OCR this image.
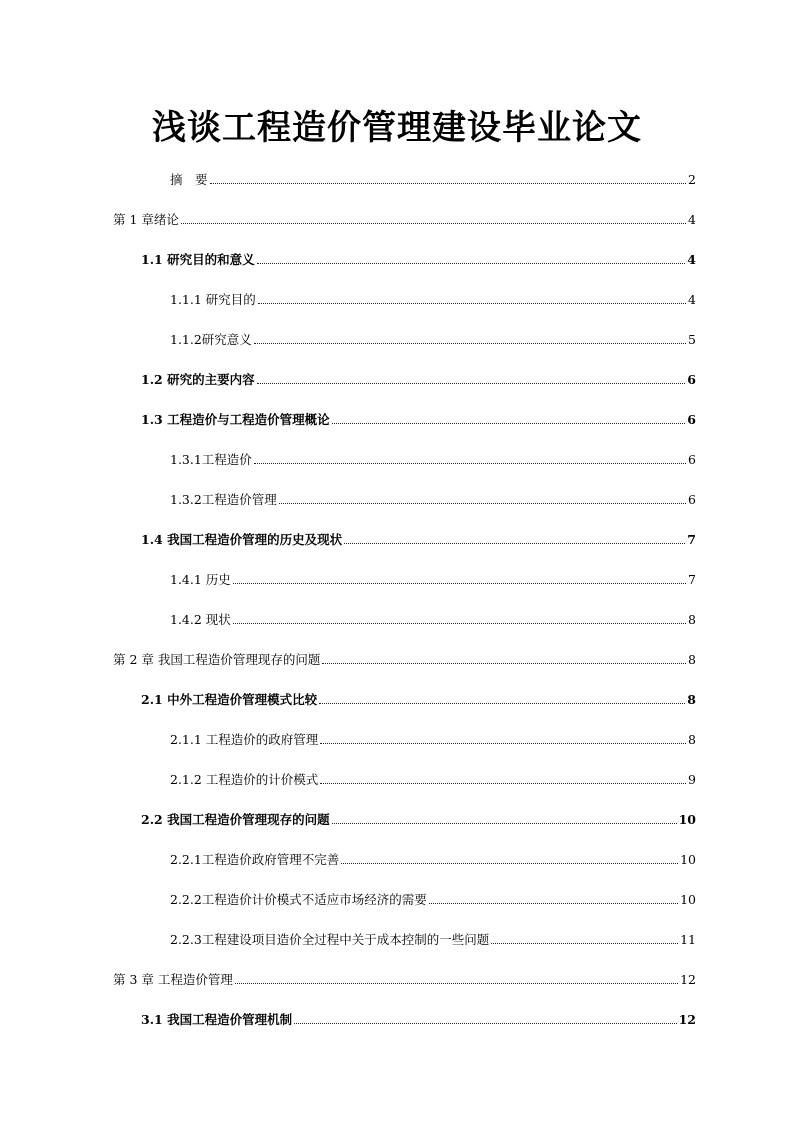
浅谈工程造价管理建设毕业论文
摘　要	2
第 1 章绪论	4
1.1 研究目的和意义	4
1.1.1 研究目的	4
1.1.2研究意义	5
1.2 研究的主要内容	6
1.3 工程造价与工程造价管理概论	6
1.3.1工程造价	6
1.3.2工程造价管理	6
1.4 我国工程造价管理的历史及现状	7
1.4.1 历史	7
1.4.2 现状	8
第 2 章 我国工程造价管理现存的问题	8
2.1 中外工程造价管理模式比较	8
2.1.1 工程造价的政府管理	8
2.1.2 工程造价的计价模式	9
2.2 我国工程造价管理现存的问题	10
2.2.1工程造价政府管理不完善	10
2.2.2工程造价计价模式不适应市场经济的需要	10
2.2.3工程建设项目造价全过程中关于成本控制的一些问题	11
第 3 章 工程造价管理	12
3.1 我国工程造价管理机制	12
